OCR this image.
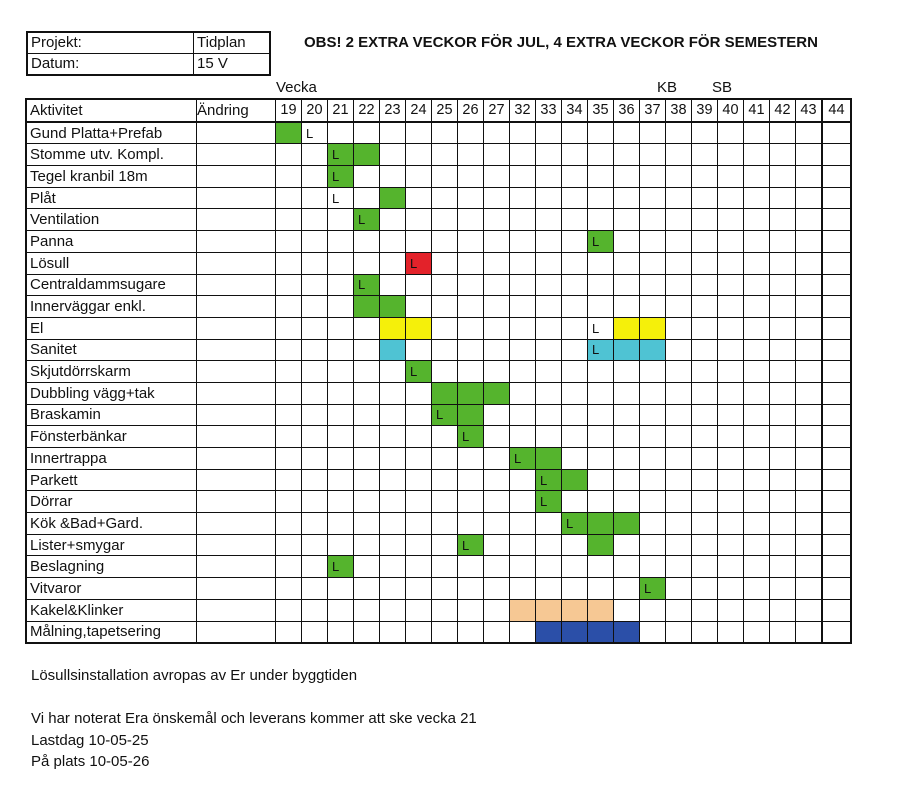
Projekt:	Tidplan
Datum:	15 V
OBS! 2 EXTRA VECKOR FÖR JUL, 4 EXTRA VECKOR FÖR SEMESTERN
Vecka	KB SB
Aktivitet	Ändring	19	20	21	22	23	24	25	26	27	32	33	34	35	36	37	38	39	40	41	42	43	44
Gund Platta+Prefab			L																				

Stomme utv. Kompl.				L																			

Tegel kranbil 18m				L																			

Plåt				L																			

Ventilation					L																		

Panna														L									

Lösull							L																

Centraldammsugare					L																		

Innerväggar enkl.																							
El														L									

Sanitet														L									

Skjutdörrskarm							L																

Dubbling vägg+tak																							
Braskamin								L															

Fönsterbänkar									L														

Innertrappa											L												

Parkett												L											

Dörrar												L											

Kök &Bad+Gard.													L										

Lister+smygar									L														

Beslagning				L																			

Vitvaror																L							

Kakel&Klinker																							
Målning,tapetsering																							
Lösullsinstallation avropas av Er under byggtiden
Vi har noterat Era önskemål och leverans kommer att ske vecka 21
Lastdag 10-05-25
På plats 10-05-26
